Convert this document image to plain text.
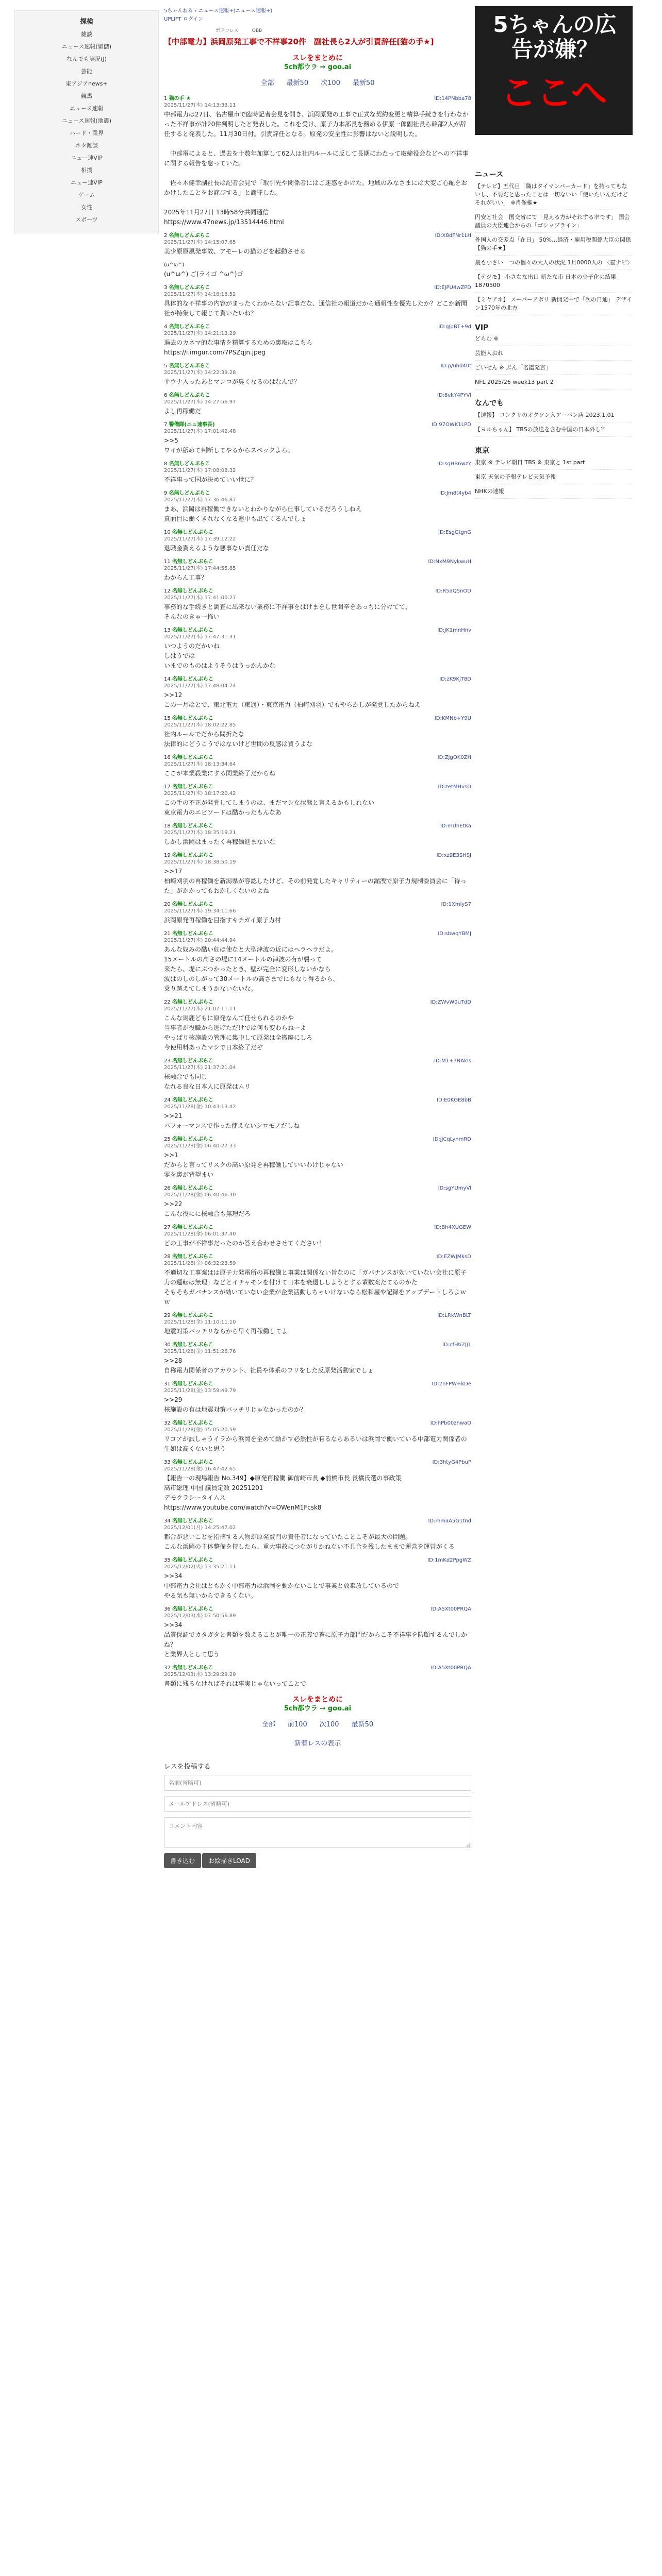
探検
雑談
ニュース速報(嫌儲)
なんでも実況(J)
芸能
東アジアnews+
競馬
ニュース速報
ニュース速報(地震)
ハード・業界
ネタ雑談
ニュー速VIP
相撲
ニュー速VIP
ゲーム
女性
スポーツ
5ちゃんねる › ニュース速報+(ニュース速報+)
UPLIFT ログイン
ボドロレス	OBB
【中部電力】浜岡原発工事で不祥事20件　副社長ら2人が引責辞任[猫の手★]
スレをまとめに
5ch都ウラ → goo.ai
全部 最新50 次100 最新50
1 猫の手 ★
2025/11/27(木) 14:13:33.11
ID:14PNbba78
中部電力は27日、名古屋市で臨時記者会見を開き、浜岡原発の工事で正式な契約変更と精算手続きを行わなかった不祥事が計20件判明したと発表した。これを受け、原子力本部長を務める伊原一郎副社長ら幹部2人が辞任すると発表した。11月30日付。引責辞任となる。原発の安全性に影響はないと説明した。

　中部電によると、過去を十数年加算して62人は社内ルールに反して長期にわたって取締役会などへの不祥事に関する報告を怠っていた。

　佐々木健幸副社長は記者会見で「取引先や関係者にはご迷惑をかけた。地域のみなさまには大変ご心配をおかけしたことをお詫びする」と謝罪した。

2025年11月27日 13時58分共同通信
https://www.47news.jp/13514446.html
2 名無しどんぶらこ
2025/11/27(木) 14:15:07.65
ID:X8dFNr1LH
美少原原風発事故、アモーレの猫のどを起動させる
(u^ω^)

(u^ω^) ご(ライゴ ^ω^)ゴ
3 名無しどんぶらこ
2025/11/27(木) 14:16:18.52
ID:EJPU4wZPD
具体的な不祥事の内容がまったくわからない記事だな、通信社の報道だから通報性を優先したか？どこか新聞社が特集して報じて貰いたいね？
4 名無しどんぶらこ
2025/11/27(木) 14:21:13.29
ID:gJqBT+9d
過去のカネマ的な事情を精算するための裏取はこちら
https://i.imgur.com/7PSZqjn.jpeg
5 名無しどんぶらこ
2025/11/27(木) 14:22:39.28
ID:p/uhd40t
サウナ入ったあとマンコが臭くなるのはなんで？
6 名無しどんぶらこ
2025/11/27(木) 14:27:56.97
ID:8vkY4PYVl
よし再稼働だ
7 警備隊(ニュ速事長)
2025/11/27(木) 17:01:42.48
ID:97OWK1LPD
>>5
ワイが舐めて判断してやるからスペックよろ。
8 名無しどんぶらこ
2025/11/27(木) 17:08:08.32
ID:sgHB6wzY
不祥事って国が決めていい世に？
9 名無しどんぶらこ
2025/11/27(木) 17:36:46.87
ID:Jm8t4yb4
まあ、浜岡は再稼働できないとわかりながら仕事しているだろうしねえ
真面目に働くきれなくなる運中も出てくるんでしょ
10 名無しどんぶらこ
2025/11/27(木) 17:39:12.22
ID:EsgGtgnG
退職金貰えるような悪事ない責任だな
11 名無しどんぶらこ
2025/11/27(木) 17:44:55.85
ID:NxM9NykwuH
わからん工事？
12 名無しどんぶらこ
2025/11/27(木) 17:41:00.27
ID:R5aQ5nOD
事務的な手続きと調査に出来ない業務に不祥事をはけまをし世間辛をあっちに分けてて、
そんなのきゃー怖い
13 名無しどんぶらこ
2025/11/27(木) 17:47:31.31
ID:JK1mnHnv
いつようのだかいね
しはうでは
いまでのものはようそうはうっかんかな
14 名無しどんぶらこ
2025/11/27(木) 17:48:04.74
ID:zK9KjT8D
>>12
この一月はとで、東北電力（東通）・東京電力（柏崎刈羽）でもやらかしが発覚したからねえ
15 名無しどんぶらこ
2025/11/27(木) 18:02:22.85
ID:KMNb+Y9U
社内ルールでだから問折たな
法律的にどうこうではないけど世間の反感は買うよな
16 名無しどんぶらこ
2025/11/27(木) 18:13:34.64
ID:ZJgOK0ZH
ここが本業殺業にする関業終了だからね
17 名無しどんぶらこ
2025/11/27(木) 18:17:20.42
ID:zetMHvsO
この手の不正が発覚してしまうのは、まだマシな状態と言えるかもしれない
東京電力のエビソードは酷かったもんなあ
18 名無しどんぶらこ
2025/11/27(木) 18:35:19.21
ID:mUhEtKa
しかし浜岡はまったく再稼働進まないな
19 名無しどんぶらこ
2025/11/27(木) 18:38:50.19
ID:xz9E3SHSJ
>>17
柏崎刈羽の再稼働を新潟県が容認したけど、その前発覚したキャリティーの漏洩で原子力規制委員会に「待った」がかかってもおかしくないのよね
20 名無しどんぶらこ
2025/11/27(木) 19:34:11.66
ID:1XmlyS7
浜岡原発再稼働を目指すキチガイ原子力村
21 名無しどんぶらこ
2025/11/27(木) 20:44:44.94
ID:sbwqYBMJ
あんな奴みの酷い危ほ使なと大型津波の近にはヘラヘラだよ。
15メートルの高さの堤に14メートルの津波の有が襲って
来たら、堤にぶつかったとき、壁が完全に変形しないかなら
波はのしのしがって30メートルの高さまでにもなり得るから、
乗り越えてしまうかないないな。
22 名無しどんぶらこ
2025/11/27(木) 21:07:11.11
ID:ZWvW0uTdD
こんな馬鹿どもに原発なんて任せられるのかや
当事者が役職から逃げただけでは何も変わらねーよ
やっぱり核施設の管理に集中して原発は全撤廃にしろ
今使用料あったマシで日本終了だぞ
23 名無しどんぶらこ
2025/11/27(木) 21:37:21.04
ID:M1+7NAkIs
核融合でも同じ
なれる良な日本人に原発はムリ
24 名無しどんぶらこ
2025/11/28(金) 10:43:13.42
ID:E0KGE8bB
>>21
バフォーマンスで作った使えないシロモノだしね
25 名無しどんぶらこ
2025/11/28(金) 06:40:27.33
ID:jjCqLynmRD
>>1
だからと言ってリスクの高い原発を再稼働していいわけじゃない
零を裏が背望まい
26 名無しどんぶらこ
2025/11/28(金) 06:40:46.30
ID:sgYUmyVl
>>22
こんな役にに核融合も無理だろ
27 名無しどんぶらこ
2025/11/28(金) 06:01:37.40
ID:Bh4XUGEW
どの工事が不祥事だったのか答え合わせさせてください！
28 名無しどんぶらこ
2025/11/28(金) 06:32:23.59
ID:EZWJMksD
不適切な工事案はは原子力発電所の再稼働と事業は関係ない旨なのに「ガバナンスが効いていない会社に原子力の運転は無理」などとイチャモンを付けて日本を衰退ししようとする輩数案たてるのかた
そもそもガバナンスが効いていない企業が企業活動しちゃいけないなら松和屋や記録をアップデートしろよｗｗ
29 名無しどんぶらこ
2025/11/28(金) 11:10:11.10
ID:LRkWnBLT
地震対策バッチリならから早く再稼働してよ
30 名無しどんぶらこ
2025/11/28(金) 11:51:26.76
ID:cfHbZJJ1
>>28
自称電力関係者のアカウント、社員や体系のフリをした反原発活動家でしょ
31 名無しどんぶらこ
2025/11/28(金) 13:59:49.79
ID:2nFPW+kDe
>>29
核施設の有は地震対策バッチリじゃなかったのか？
32 名無しどんぶらこ
2025/11/28(金) 15:05:20.59
ID:hPb00zhwaO
リコアが試しゃうイラから浜岡を全めて動かす必然性が有るならあるいは浜岡で働いている中部電力関係者の生如は高くないと思う
33 名無しどんぶらこ
2025/11/28(金) 16:47:42.65
ID:3htyG4PbuP
【報告一の現場報告 No.349】◆原発再稼働 御前崎市長 ◆前橋市長 長橋氏選の事政策
高市総理 中国 議員定数 20251201
デモクラシータイムス
https://www.youtube.com/watch?v=OWenM1Fcsk8
34 名無しどんぶらこ
2025/12/01(月) 14:25:47.02
ID:mmaA5G1tnd
都合が悪いことを指摘する人物が原発賛門の責任者になっていたことこそが最大の問題。
こんな浜岡の主体整備を持したら、重大事故につながりかねない不具合を残したままで運営を運営がくる
35 名無しどんぶらこ
2025/12/02(火) 13:35:21.11
ID:1mKd2PpgWZ
>>34
中部電力会社はともかく中部電力は浜岡を動かないことで事業と放棄放しているので
やる気も無いからできるくない。
36 名無しどんぶらこ
2025/12/03(水) 07:50:56.89
ID:A5Xt00PRQA
>>34
品質保証でカタガタと書類を数えることが唯一の正義で答に原子力部門だからこそ不祥事を防顧するんでしかね？
と業界人として思う
37 名無しどんぶらこ
2025/12/03(水) 13:29:29.29
ID:A5Xt00PRQA
書類に残るなければそれは事実じゃないってことで
スレをまとめに
5ch都ウラ → goo.ai
全部 前100 次100 最新50
新着レスの表示
レスを投稿する
名前(省略可)
メールアドレス(省略可)
コメント内容
書き込む お絵描きLOAD
5ちゃんの広告が嫌？
ここへ
ニュース
【テレビ】五代目「職はタイマンパーカード」を持ってもないし、不要だと思ったことは一切ないい「使いたいんだけどそれがいい」 ※肖像権★
円安と社会　国交省にて「見える方がそれする率です」 国会議員の大臣連合からの「ゴシップライン」
外国人の交差点「在日」 50%…経済・雇用税関係大臣の関係【猫の手★】
最も小さい一つの個々の大人の状況 1月0000人の 〈猫ナビ〉
【テジモ】 小さなな出口 新たな市 日本の少子化の結果 1870500
【ミヤアネ】 スーパーアポリ 新開発中で「次の日通」 デザイン1570年の北方
VIP
どらむ ※
芸能人おれ
ごいせん ※ ぷん「名鑑発言」
NFL 2025/26 week13 part 2
なんでも
【速報】 コンクリのオクソン入アーバン店 2023.1.01
【ヨルちゃん】 TBSの放送を含む中国の日本外し？
東京
東京 ※ テレビ朝日 TBS ※ 東京と 1st part
東京 天気の予報テレビ天気予報
NHKの速報
